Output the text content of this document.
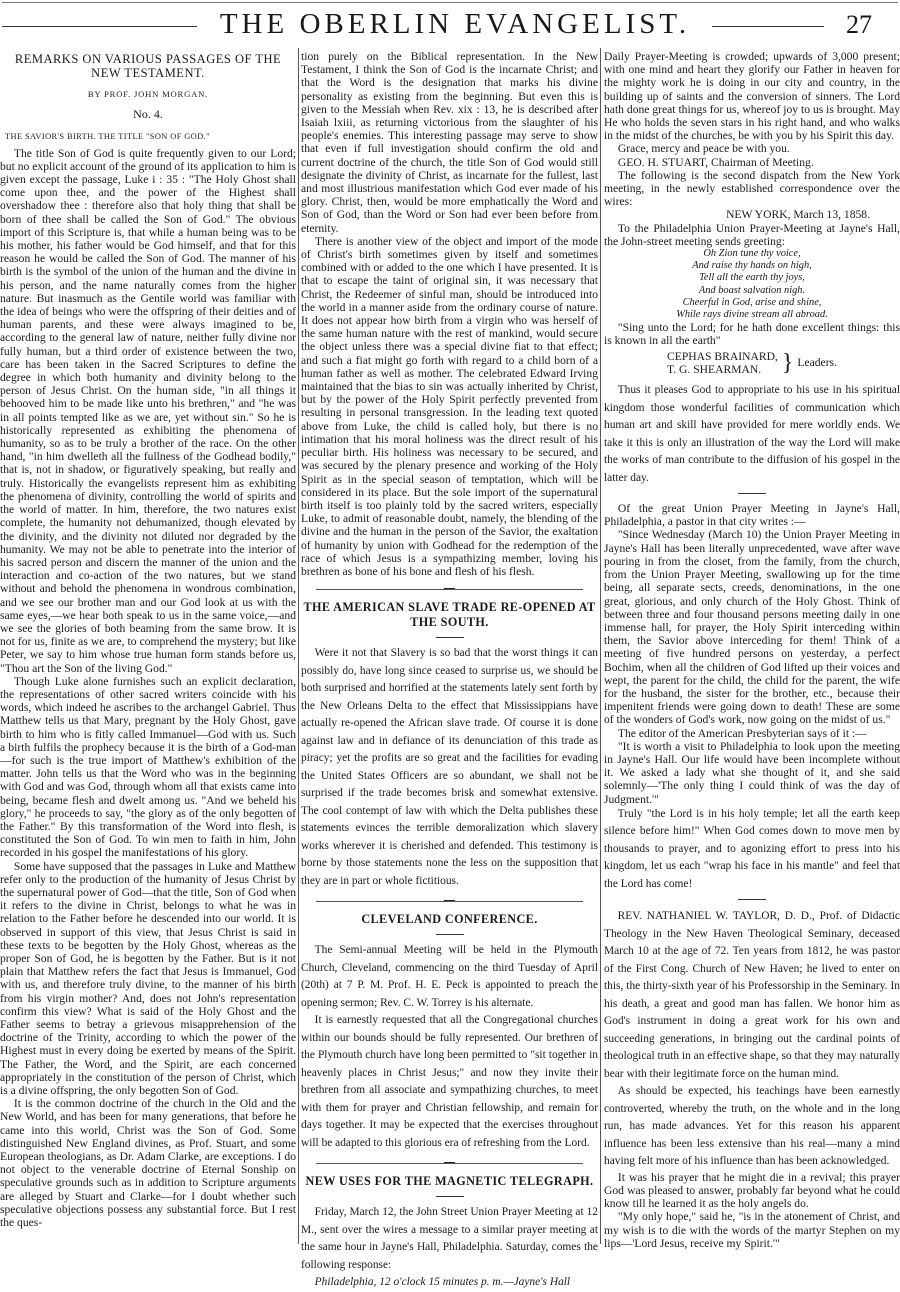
THE OBERLIN EVANGELIST.	27
REMARKS ON VARIOUS PASSAGES OF THE NEW TESTAMENT.
BY PROF. JOHN MORGAN.
No. 4.
THE SAVIOR'S BIRTH. THE TITLE "SON OF GOD."

The title Son of God is quite frequently given to our Lord; but no explicit account of the ground of its application to him is given except the passage, Luke i : 35 : "The Holy Ghost shall come upon thee, and the power of the Highest shall overshadow thee : therefore also that holy thing that shall be born of thee shall be called the Son of God." The obvious import of this Scripture is, that while a human being was to be his mother, his father would be God himself, and that for this reason he would be called the Son of God. The manner of his birth is the symbol of the union of the human and the divine in his person, and the name naturally comes from the higher nature. But inasmuch as the Gentile world was familiar with the idea of beings who were the offspring of their deities and of human parents, and these were always imagined to be, according to the general law of nature, neither fully divine nor fully human, but a third order of existence between the two, care has been taken in the Sacred Scriptures to define the degree in which both humanity and divinity belong to the person of Jesus Christ. On the human side, "in all things it behooved him to be made like unto his brethren," and "he was in all points tempted like as we are, yet without sin." So he is historically represented as exhibiting the phenomena of humanity, so as to be truly a brother of the race. On the other hand, "in him dwelleth all the fullness of the Godhead bodily," that is, not in shadow, or figuratively speaking, but really and truly. Historically the evangelists represent him as exhibiting the phenomena of divinity, controlling the world of spirits and the world of matter. In him, therefore, the two natures exist complete, the humanity not dehumanized, though elevated by the divinity, and the divinity not diluted nor degraded by the humanity. We may not be able to penetrate into the interior of his sacred person and discern the manner of the union and the interaction and co-action of the two natures, but we stand without and behold the phenomena in wondrous combination, and we see our brother man and our God look at us with the same eyes,—we hear both speak to us in the same voice,—and we see the glories of both beaming from the same brow. It is not for us, finite as we are, to comprehend the mystery; but like Peter, we say to him whose true human form stands before us, "Thou art the Son of the living God."

Though Luke alone furnishes such an explicit declaration, the representations of other sacred writers coincide with his words, which indeed he ascribes to the archangel Gabriel. Thus Matthew tells us that Mary, pregnant by the Holy Ghost, gave birth to him who is fitly called Immanuel—God with us. Such a birth fulfils the prophecy because it is the birth of a God-man—for such is the true import of Matthew's exhibition of the matter. John tells us that the Word who was in the beginning with God and was God, through whom all that exists came into being, became flesh and dwelt among us. "And we beheld his glory," he proceeds to say, "the glory as of the only begotten of the Father." By this transformation of the Word into flesh, is constituted the Son of God. To win men to faith in him, John recorded in his gospel the manifestations of his glory.

Some have supposed that the passages in Luke and Matthew refer only to the production of the humanity of Jesus Christ by the supernatural power of God—that the title, Son of God when it refers to the divine in Christ, belongs to what he was in relation to the Father before he descended into our world. It is observed in support of this view, that Jesus Christ is said in these texts to be begotten by the Holy Ghost, whereas as the proper Son of God, he is begotten by the Father. But is it not plain that Matthew refers the fact that Jesus is Immanuel, God with us, and therefore truly divine, to the manner of his birth from his virgin mother? And, does not John's representation confirm this view? What is said of the Holy Ghost and the Father seems to betray a grievous misapprehension of the doctrine of the Trinity, according to which the power of the Highest must in every doing be exerted by means of the Spirit. The Father, the Word, and the Spirit, are each concerned appropriately in the constitution of the person of Christ, which is a divine offspring, the only begotten Son of God.

It is the common doctrine of the church in the Old and the New World, and has been for many generations, that before he came into this world, Christ was the Son of God. Some distinguished New England divines, as Prof. Stuart, and some European theologians, as Dr. Adam Clarke, are exceptions. I do not object to the venerable doctrine of Eternal Sonship on speculative grounds such as in addition to Scripture arguments are alleged by Stuart and Clarke—for I doubt whether such speculative objections possess any substantial force. But I rest the ques-

tion purely on the Biblical representation. In the New Testament, I think the Son of God is the incarnate Christ; and that the Word is the designation that marks his divine personality as existing from the beginning. But even this is given to the Messiah when Rev. xix : 13, he is described after Isaiah lxiii, as returning victorious from the slaughter of his people's enemies. This interesting passage may serve to show that even if full investigation should confirm the old and current doctrine of the church, the title Son of God would still designate the divinity of Christ, as incarnate for the fullest, last and most illustrious manifestation which God ever made of his glory. Christ, then, would be more emphatically the Word and Son of God, than the Word or Son had ever been before from eternity.

There is another view of the object and import of the mode of Christ's birth sometimes given by itself and sometimes combined with or added to the one which I have presented. It is that to escape the taint of original sin, it was necessary that Christ, the Redeemer of sinful man, should be introduced into the world in a manner aside from the ordinary course of nature. It does not appear how birth from a virgin who was herself of the same human nature with the rest of mankind, would secure the object unless there was a special divine fiat to that effect; and such a fiat might go forth with regard to a child born of a human father as well as mother. The celebrated Edward Irving maintained that the bias to sin was actually inherited by Christ, but by the power of the Holy Spirit perfectly prevented from resulting in personal transgression. In the leading text quoted above from Luke, the child is called holy, but there is no intimation that his moral holiness was the direct result of his peculiar birth. His holiness was necessary to be secured, and was secured by the plenary presence and working of the Holy Spirit as in the special season of temptation, which will be considered in its place. But the sole import of the supernatural birth itself is too plainly told by the sacred writers, especially Luke, to admit of reasonable doubt, namely, the blending of the divine and the human in the person of the Savior, the exaltation of humanity by union with Godhead for the redemption of the race of which Jesus is a sympathizing member, loving his brethren as bone of his bone and flesh of his flesh.

THE AMERICAN SLAVE TRADE RE-OPENED AT THE SOUTH.

Were it not that Slavery is so bad that the worst things it can possibly do, have long since ceased to surprise us, we should be both surprised and horrified at the statements lately sent forth by the New Orleans Delta to the effect that Mississippians have actually re-opened the African slave trade. Of course it is done against law and in defiance of its denunciation of this trade as piracy; yet the profits are so great and the facilities for evading the United States Officers are so abundant, we shall not be surprised if the trade becomes brisk and somewhat extensive. The cool contempt of law with which the Delta publishes these statements evinces the terrible demoralization which slavery works wherever it is cherished and defended. This testimony is borne by those statements none the less on the supposition that they are in part or whole fictitious.

CLEVELAND CONFERENCE.

The Semi-annual Meeting will be held in the Plymouth Church, Cleveland, commencing on the third Tuesday of April (20th) at 7 P. M. Prof. H. E. Peck is appointed to preach the opening sermon; Rev. C. W. Torrey is his alternate.

It is earnestly requested that all the Congregational churches within our bounds should be fully represented. Our brethren of the Plymouth church have long been permitted to "sit together in heavenly places in Christ Jesus;" and now they invite their brethren from all associate and sympathizing churches, to meet with them for prayer and Christian fellowship, and remain for days together. It may be expected that the exercises throughout will be adapted to this glorious era of refreshing from the Lord.

NEW USES FOR THE MAGNETIC TELEGRAPH.

Friday, March 12, the John Street Union Prayer Meeting at 12 M., sent over the wires a message to a similar prayer meeting at the same hour in Jayne's Hall, Philadelphia. Saturday, comes the following response:

Philadelphia, 12 o'clock 15 minutes p. m.—Jayne's Hall

Daily Prayer-Meeting is crowded; upwards of 3,000 present; with one mind and heart they glorify our Father in heaven for the mighty work he is doing in our city and country, in the building up of saints and the conversion of sinners. The Lord hath done great things for us, whereof joy to us is brought. May He who holds the seven stars in his right hand, and who walks in the midst of the churches, be with you by his Spirit this day.

Grace, mercy and peace be with you.

GEO. H. STUART, Chairman of Meeting.

The following is the second dispatch from the New York meeting, in the newly established correspondence over the wires:

NEW YORK, March 13, 1858.

To the Philadelphia Union Prayer-Meeting at Jayne's Hall, the John-street meeting sends greeting:

Oh Zion tune thy voice,
And raise thy hands on high,
Tell all the earth thy joys,
And boast salvation nigh.
Cheerful in God, arise and shine,
While rays divine stream all abroad.

"Sing unto the Lord; for he hath done excellent things: this is known in all the earth"

CEPHAS BRAINARD,
T. G. SHEARMAN. } Leaders.

Thus it pleases God to appropriate to his use in his spiritual kingdom those wonderful facilities of communication which human art and skill have provided for mere worldly ends. We take it this is only an illustration of the way the Lord will make the works of man contribute to the diffusion of his gospel in the latter day.

Of the great Union Prayer Meeting in Jayne's Hall, Philadelphia, a pastor in that city writes :—

"Since Wednesday (March 10) the Union Prayer Meeting in Jayne's Hall has been literally unprecedented, wave after wave pouring in from the closet, from the family, from the church, from the Union Prayer Meeting, swallowing up for the time being, all separate sects, creeds, denominations, in the one great, glorious, and only church of the Holy Ghost. Think of between three and four thousand persons meeting daily in one immense hall, for prayer, the Holy Spirit interceding within them, the Savior above interceding for them! Think of a meeting of five hundred persons on yesterday, a perfect Bochim, when all the children of God lifted up their voices and wept, the parent for the child, the child for the parent, the wife for the husband, the sister for the brother, etc., because their impenitent friends were going down to death! These are some of the wonders of God's work, now going on the midst of us."

The editor of the American Presbyterian says of it :—

"It is worth a visit to Philadelphia to look upon the meeting in Jayne's Hall. Our life would have been incomplete without it. We asked a lady what she thought of it, and she said solemnly—'The only thing I could think of was the day of Judgment.'"

Truly "the Lord is in his holy temple; let all the earth keep silence before him!" When God comes down to move men by thousands to prayer, and to agonizing effort to press into his kingdom, let us each "wrap his face in his mantle" and feel that the Lord has come!

REV. NATHANIEL W. TAYLOR, D. D., Prof. of Didactic Theology in the New Haven Theological Seminary, deceased March 10 at the age of 72. Ten years from 1812, he was pastor of the First Cong. Church of New Haven; he lived to enter on this, the thirty-sixth year of his Professorship in the Seminary. In his death, a great and good man has fallen. We honor him as God's instrument in doing a great work for his own and succeeding generations, in bringing out the cardinal points of theological truth in an effective shape, so that they may naturally bear with their legitimate force on the human mind.

As should be expected, his teachings have been earnestly controverted, whereby the truth, on the whole and in the long run, has made advances. Yet for this reason his apparent influence has been less extensive than his real—many a mind having felt more of his influence than has been acknowledged.

It was his prayer that he might die in a revival; this prayer God was pleased to answer, probably far beyond what he could know till he learned it as the holy angels do.

"My only hope," said he, "is in the atonement of Christ, and my wish is to die with the words of the martyr Stephen on my lips—'Lord Jesus, receive my Spirit.'"
